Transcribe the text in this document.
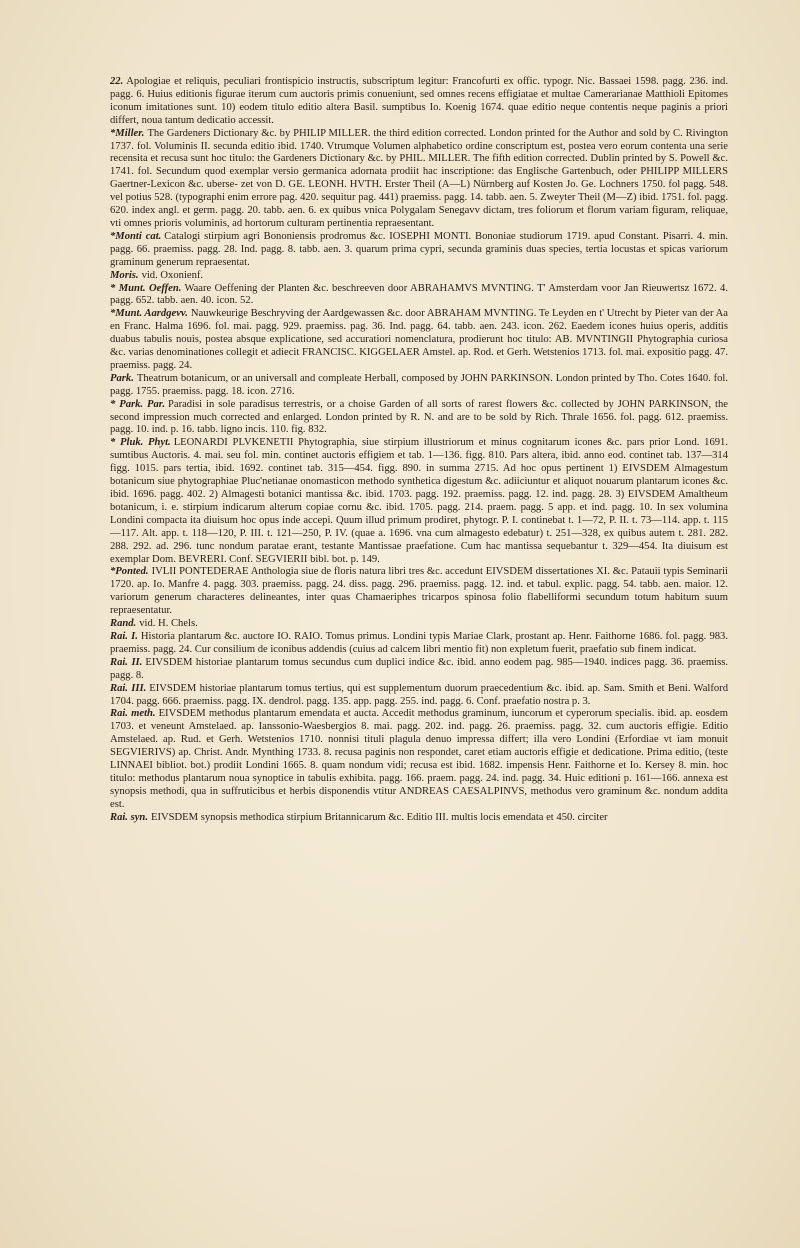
22. Apologiae et reliquis, peculiari frontispicio instructis, subscriptum legitur: Francofurti ex offic. typogr. Nic. Bassaei 1598. pagg. 236. ind. pagg. 6. Huius editionis figurae iterum cum auctoris primis conueniunt, sed omnes recens effigiatae et multae Camerarianae Matthioli Epitomes iconum imitationes sunt. 10) eodem titulo editio altera Basil. sumptibus Io. Koenig 1674. quae editio neque contentis neque paginis a priori differt, noua tantum dedicatio accessit.

*Miller. The Gardeners Dictionary &c. by PHILIP MILLER. the third edition corrected. London printed for the Author and sold by C. Rivington 1737. fol. Voluminis II. secunda editio ibid. 1740. Vtrumque Volumen alphabetico ordine conscriptum est, postea vero eorum contenta una serie recensita et recusa sunt hoc titulo: the Gardeners Dictionary &c. by PHIL. MILLER. The fifth edition corrected. Dublin printed by S. Powell &c. 1741. fol. Secundum quod exemplar versio germanica adornata prodiit hac inscriptione: das Englische Gartenbuch, oder PHILIPP MILLERS Gaertner-Lexicon &c. uberse- zet von D. GE. LEONH. HVTH. Erster Theil (A—L) Nürnberg auf Kosten Jo. Ge. Lochners 1750. fol pagg. 548. vel potius 528. (typographi enim errore pag. 420. sequitur pag. 441) praemiss. pagg. 14. tabb. aen. 5. Zweyter Theil (M—Z) ibid. 1751. fol. pagg. 620. index angl. et germ. pagg. 20. tabb. aen. 6. ex quibus vnica Polygalam Senegavv dictam, tres foliorum et florum variam figuram, reliquae, vti omnes prioris voluminis, ad hortorum culturam pertinentia repraesentant.

*Monti cat. Catalogi stirpium agri Bononiensis prodromus &c. IOSEPHI MONTI. Bononiae studiorum 1719. apud Constant. Pisarri. 4. min. pagg. 66. praemiss. pagg. 28. Ind. pagg. 8. tabb. aen. 3. quarum prima cypri, secunda graminis duas species, tertia locustas et spicas variorum graminum generum repraesentat.

Moris. vid. Oxonienf.

* Munt. Oeffen. Waare Oeffening der Planten &c. beschreeven door ABRAHAMVS MVNTING. T' Amsterdam voor Jan Rieuwertsz 1672. 4. pagg. 652. tabb. aen. 40. icon. 52.

*Munt. Aardgevv. Nauwkeurige Beschryving der Aardgewassen &c. door ABRAHAM MVNTING. Te Leyden en t' Utrecht by Pieter van der Aa en Franc. Halma 1696. fol. mai. pagg. 929. praemiss. pag. 36. Ind. pagg. 64. tabb. aen. 243. icon. 262. Eaedem icones huius operis, additis duabus tabulis nouis, postea absque explicatione, sed accuratiori nomenclatura, prodierunt hoc titulo: AB. MVNTINGII Phytographia curiosa &c. varias denominationes collegit et adiecit FRANCISC. KIGGELAER Amstel. ap. Rod. et Gerh. Wetstenios 1713. fol. mai. expositio pagg. 47. praemiss. pagg. 24.

Park. Theatrum botanicum, or an universall and compleate Herball, composed by JOHN PARKINSON. London printed by Tho. Cotes 1640. fol. pagg. 1755. praemiss. pagg. 18. icon. 2716.

* Park. Par. Paradisi in sole paradisus terrestris, or a choise Garden of all sorts of rarest flowers &c. collected by JOHN PARKINSON, the second impression much corrected and enlarged. London printed by R. N. and are to be sold by Rich. Thrale 1656. fol. pagg. 612. praemiss. pagg. 10. ind. p. 16. tabb. ligno incis. 110. fig. 832.

* Pluk. Phyt. LEONARDI PLVKENETII Phytographia, siue stirpium illustriorum et minus cognitarum icones &c. pars prior Lond. 1691. sumtibus Auctoris. 4. mai. seu fol. min. continet auctoris effigiem et tab. 1—136. figg. 810. Pars altera, ibid. anno eod. continet tab. 137—314 figg. 1015. pars tertia, ibid. 1692. continet tab. 315—454. figg. 890. in summa 2715. Ad hoc opus pertinent 1) EIVSDEM Almagestum botanicum siue phytographiae Pluc'netianae onomasticon methodo synthetica digestum &c. adiiciuntur et aliquot nouarum plantarum icones &c. ibid. 1696. pagg. 402. 2) Almagesti botanici mantissa &c. ibid. 1703. pagg. 192. praemiss. pagg. 12. ind. pagg. 28. 3) EIVSDEM Amaltheum botanicum, i. e. stirpium indicarum alterum copiae cornu &c. ibid. 1705. pagg. 214. praem. pagg. 5 app. et ind. pagg. 10. In sex volumina Londini compacta ita diuisum hoc opus inde accepi. Quum illud primum prodiret, phytogr. P. I. continebat t. 1—72, P. II. t. 73—114. app. t. 115—117. Alt. app. t. 118—120, P. III. t. 121—250, P. IV. (quae a. 1696. vna cum almagesto edebatur) t. 251—328, ex quibus autem t. 281. 282. 288. 292. ad. 296. tunc nondum paratae erant, testante Mantissae praefatione. Cum hac mantissa sequebantur t. 329—454. Ita diuisum est exemplar Dom. BEVRERI. Conf. SEGVIERII bibl. bot. p. 149.

*Ponted. IVLII PONTEDERAE Anthologia siue de floris natura libri tres &c. accedunt EIVSDEM dissertationes XI. &c. Patauii typis Seminarii 1720. ap. Io. Manfre 4. pagg. 303. praemiss. pagg. 24. diss. pagg. 296. praemiss. pagg. 12. ind. et tabul. explic. pagg. 54. tabb. aen. maior. 12. variorum generum characteres delineantes, inter quas Chamaeriphes tricarpos spinosa folio flabelliformi secundum totum habitum suum repraesentatur.

Rand. vid. H. Chels.

Rai. I. Historia plantarum &c. auctore IO. RAIO. Tomus primus. Londini typis Mariae Clark, prostant ap. Henr. Faithorne 1686. fol. pagg. 983. praemiss. pagg. 24. Cur consilium de iconibus addendis (cuius ad calcem libri mentio fit) non expletum fuerit, praefatio sub finem indicat.

Rai. II. EIVSDEM historiae plantarum tomus secundus cum duplici indice &c. ibid. anno eodem pag. 985—1940. indices pagg. 36. praemiss. pagg. 8.

Rai. III. EIVSDEM historiae plantarum tomus tertius, qui est supplementum duorum praecedentium &c. ibid. ap. Sam. Smith et Beni. Walford 1704. pagg. 666. praemiss. pagg. IX. dendrol. pagg. 135. app. pagg. 255. ind. pagg. 6. Conf. praefatio nostra p. 3.

Rai. meth. EIVSDEM methodus plantarum emendata et aucta. Accedit methodus graminum, iuncorum et cyperorum specialis. ibid. ap. eosdem 1703. et veneunt Amstelaed. ap. Ianssonio-Waesbergios 8. mai. pagg. 202. ind. pagg. 26. praemiss. pagg. 32. cum auctoris effigie. Editio Amstelaed. ap. Rud. et Gerh. Wetstenios 1710. nonnisi tituli plagula denuo impressa differt; illa vero Londini (Erfordiae vt iam monuit SEGVIERIVS) ap. Christ. Andr. Mynthing 1733. 8. recusa paginis non respondet, caret etiam auctoris effigie et dedicatione. Prima editio, (teste LINNAEI bibliot. bot.) prodiit Londini 1665. 8. quam nondum vidi; recusa est ibid. 1682. impensis Henr. Faithorne et Io. Kersey 8. min. hoc titulo: methodus plantarum noua synoptice in tabulis exhibita. pagg. 166. praem. pagg. 24. ind. pagg. 34. Huic editioni p. 161—166. annexa est synopsis methodi, qua in suffruticibus et herbis disponendis vtitur ANDREAS CAESALPINVS, methodus vero graminum &c. nondum addita est.

Rai. syn. EIVSDEM synopsis methodica stirpium Britannicarum &c. Editio III. multis locis emendata et 450. circiter
